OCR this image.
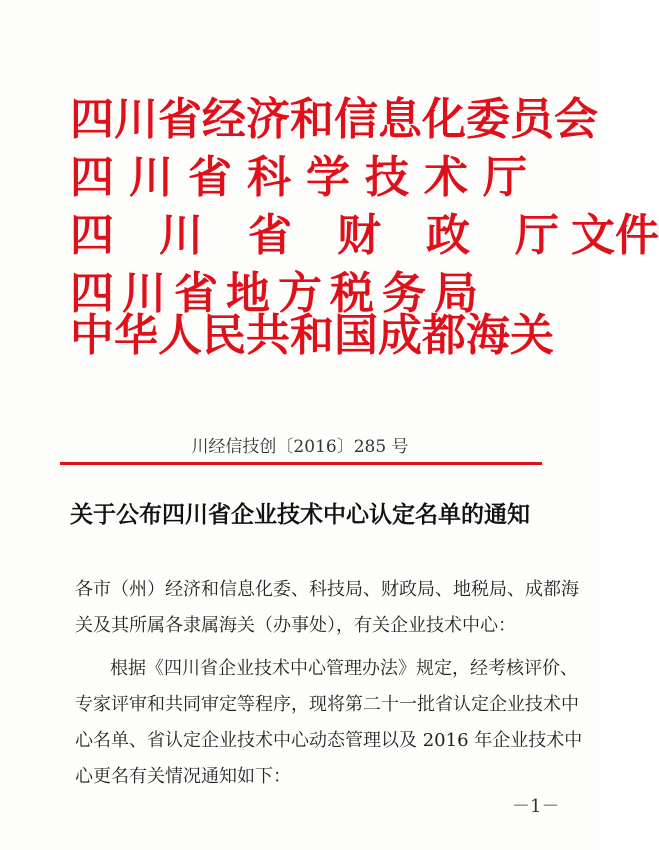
四川省经济和信息化委员会
四川省科学技术厅
四 川 省 财 政 厅 文件
四川省地方税务局
中华人民共和国成都海关
川经信技创〔2016〕285 号
关于公布四川省企业技术中心认定名单的通知
各市（州）经济和信息化委、科技局、财政局、地税局、成都海
关及其所属各隶属海关（办事处），有关企业技术中心：
根据《四川省企业技术中心管理办法》规定，经考核评价、
专家评审和共同审定等程序，现将第二十一批省认定企业技术中
心名单、省认定企业技术中心动态管理以及 2016 年企业技术中
心更名有关情况通知如下：
－1－
